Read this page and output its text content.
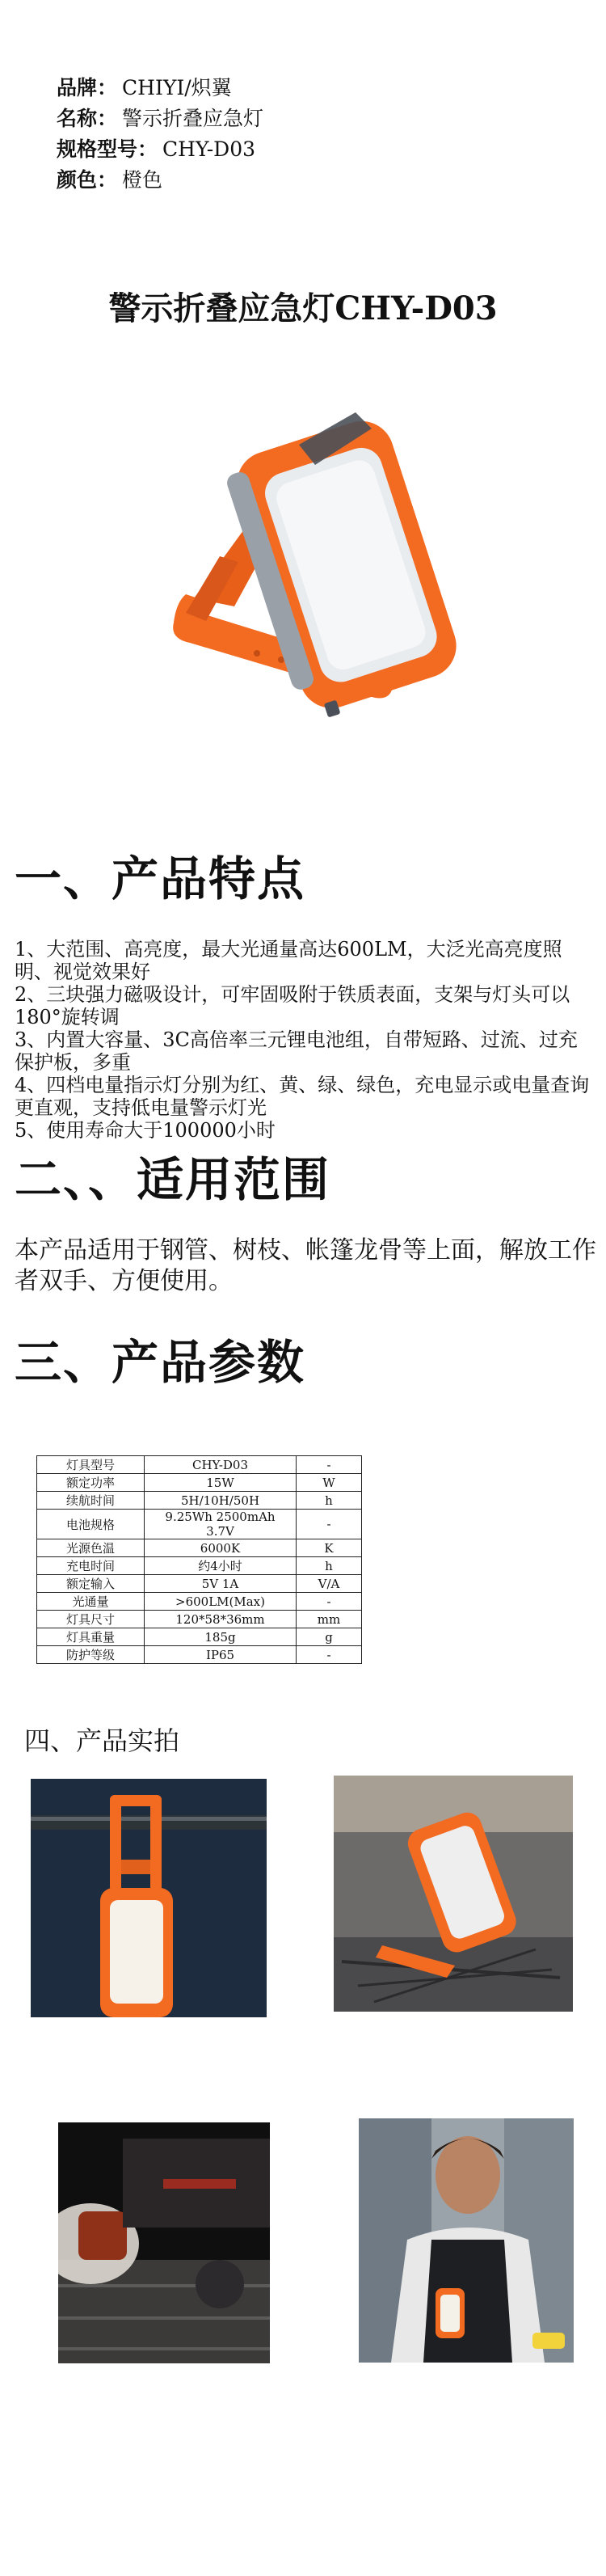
品牌： CHIYI/炽翼
名称： 警示折叠应急灯
规格型号： CHY-D03
颜色： 橙色
警示折叠应急灯CHY-D03
一、产品特点
1、大范围、高亮度，最大光通量高达600LM，大泛光高亮度照明、视觉效果好
2、三块强力磁吸设计，可牢固吸附于铁质表面，支架与灯头可以180°旋转调
3、内置大容量、3C高倍率三元锂电池组，自带短路、过流、过充保护板，多重
4、四档电量指示灯分别为红、黄、绿、绿色，充电显示或电量查询更直观，支持低电量警示灯光
5、使用寿命大于100000小时
二、、适用范围
本产品适用于钢管、树枝、帐篷龙骨等上面，解放工作者双手、方便使用。
三、产品参数
灯具型号	CHY-D03	-
额定功率	15W	W
续航时间	5H/10H/50H	h
电池规格	9.25Wh 2500mAh 3.7V	-
光源色温	6000K	K
充电时间	约4小时	h
额定输入	5V 1A	V/A
光通量	>600LM(Max)	-
灯具尺寸	120*58*36mm	mm
灯具重量	185g	g
防护等级	IP65	-
四、产品实拍
